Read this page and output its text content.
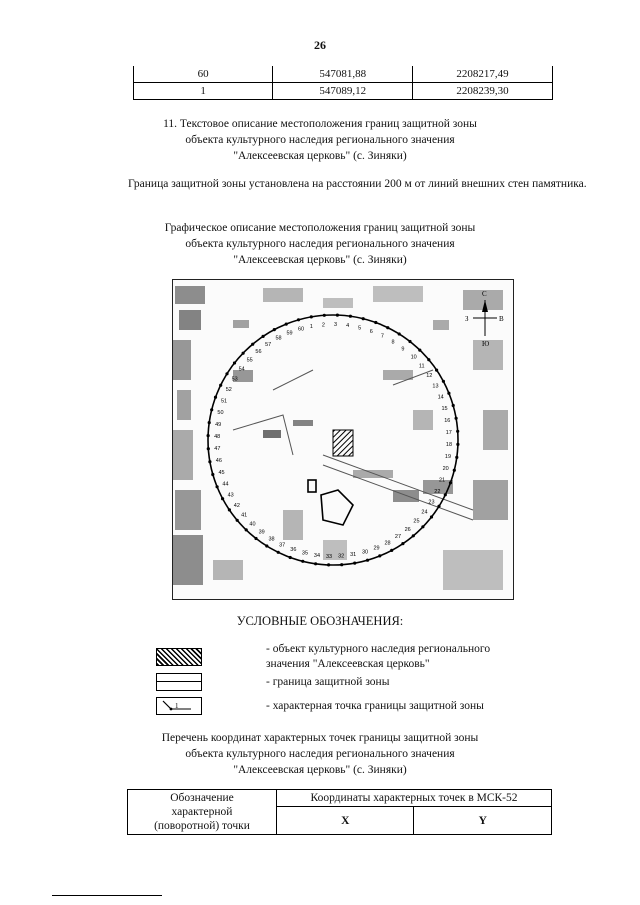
26
60	547081,88	2208217,49
1	547089,12	2208239,30
11. Текстовое описание местоположения границ защитной зоны
объекта культурного наследия регионального значения
"Алексеевская церковь" (с. Зиняки)
Граница защитной зоны установлена на расстоянии 200 м от линий внешних стен памятника.
Графическое описание местоположения границ защитной зоны
объекта культурного наследия регионального значения
"Алексеевская церковь" (с. Зиняки)
1 2 3 4 5
6
7
8
9
10
11
12
13
14
15
16
17
18
19
20
21
22
23
24
25
26
27
28
29
30
31
32
33
34
35
36
37
38
39
40
41
42
43
44
45
46
47
48
49
50
51
52
53
54
55
56
57
58
59
60
С
Ю
З	В
УСЛОВНЫЕ ОБОЗНАЧЕНИЯ:
- объект культурного наследия регионального
значения "Алексеевская церковь"
- граница защитной зоны
1	- характерная точка границы защитной зоны
Перечень координат характерных точек границы защитной зоны
объекта культурного наследия регионального значения
"Алексеевская церковь" (с. Зиняки)
Обозначение
характерной
(поворотной) точки	Координаты характерных точек в МСК-52	
	X	Y
